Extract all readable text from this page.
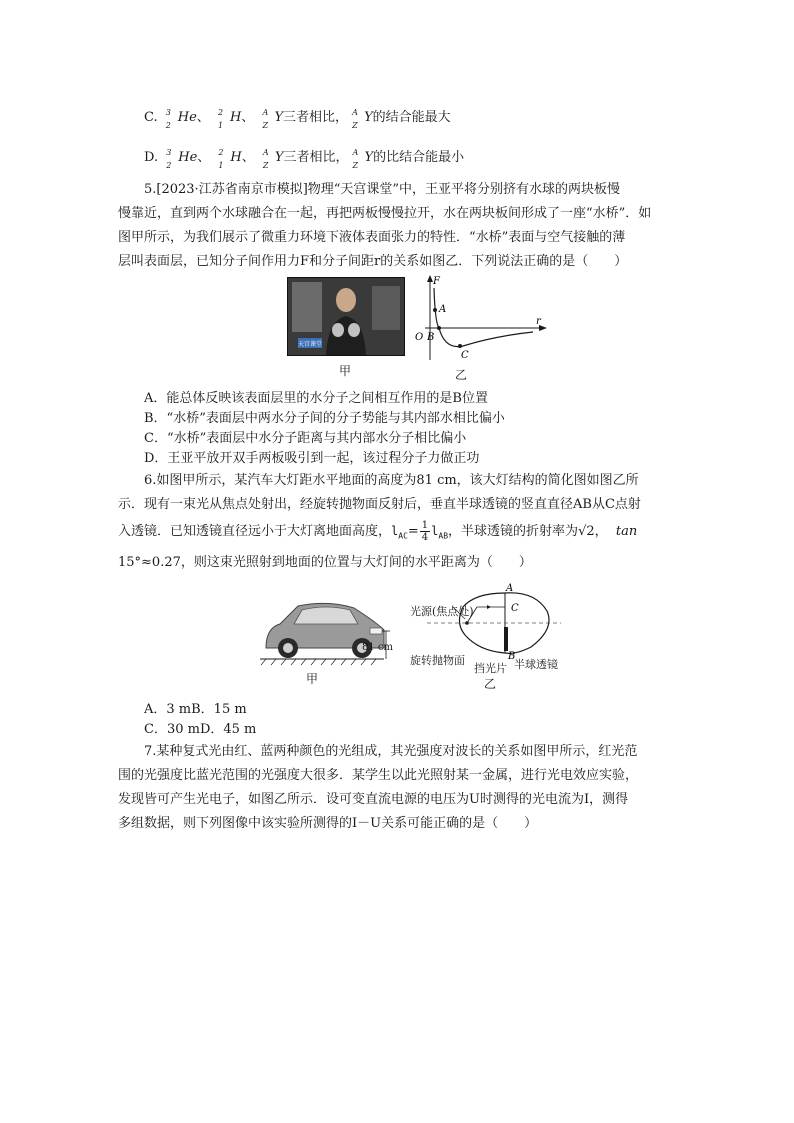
C. 3
2
He、 2
1
H、 A
Z
Y三者相比， A
Z
Y的结合能最大
D. 3
2
He、 2
1
H、 A
Z
Y三者相比， A
Z
Y的比结合能最小
5.[2023·江苏省南京市模拟]物理“天宫课堂”中，王亚平将分别挤有水球的两块板慢
慢靠近，直到两个水球融合在一起，再把两板慢慢拉开，水在两块板间形成了一座“水桥”．如
图甲所示，为我们展示了微重力环境下液体表面张力的特性．“水桥”表面与空气接触的薄
层叫表面层，已知分子间作用力F和分子间距r的关系如图乙．下列说法正确的是（　　）
天宫课堂
甲
F
r
O
A
B
C
乙
A．能总体反映该表面层里的水分子之间相互作用的是B位置
B．“水桥”表面层中两水分子间的分子势能与其内部水相比偏小
C．“水桥”表面层中水分子距离与其内部水分子相比偏小
D．王亚平放开双手两板吸引到一起，该过程分子力做正功
6.如图甲所示，某汽车大灯距水平地面的高度为81 cm，该大灯结构的简化图如图乙所
示．现有一束光从焦点处射出，经旋转抛物面反射后，垂直半球透镜的竖直直径AB从C点射
入透镜．已知透镜直径远小于大灯离地面高度，$l_{AC}= \frac{1}{4} l_{AB}$，半球透镜的折射率为√2， tan
15°≈0.27，则这束光照射到地面的位置与大灯间的水平距离为（　　）
81 cm
甲
A
B
C
光源(焦点处)
旋转抛物面
挡光片 半球透镜
乙
A．3 mB．15 m
C．30 mD．45 m
7.某种复式光由红、蓝两种颜色的光组成，其光强度对波长的关系如图甲所示，红光范
围的光强度比蓝光范围的光强度大很多．某学生以此光照射某一金属，进行光电效应实验，
发现皆可产生光电子，如图乙所示．设可变直流电源的电压为U时测得的光电流为I，测得
多组数据，则下列图像中该实验所测得的I－U关系可能正确的是（　　）
